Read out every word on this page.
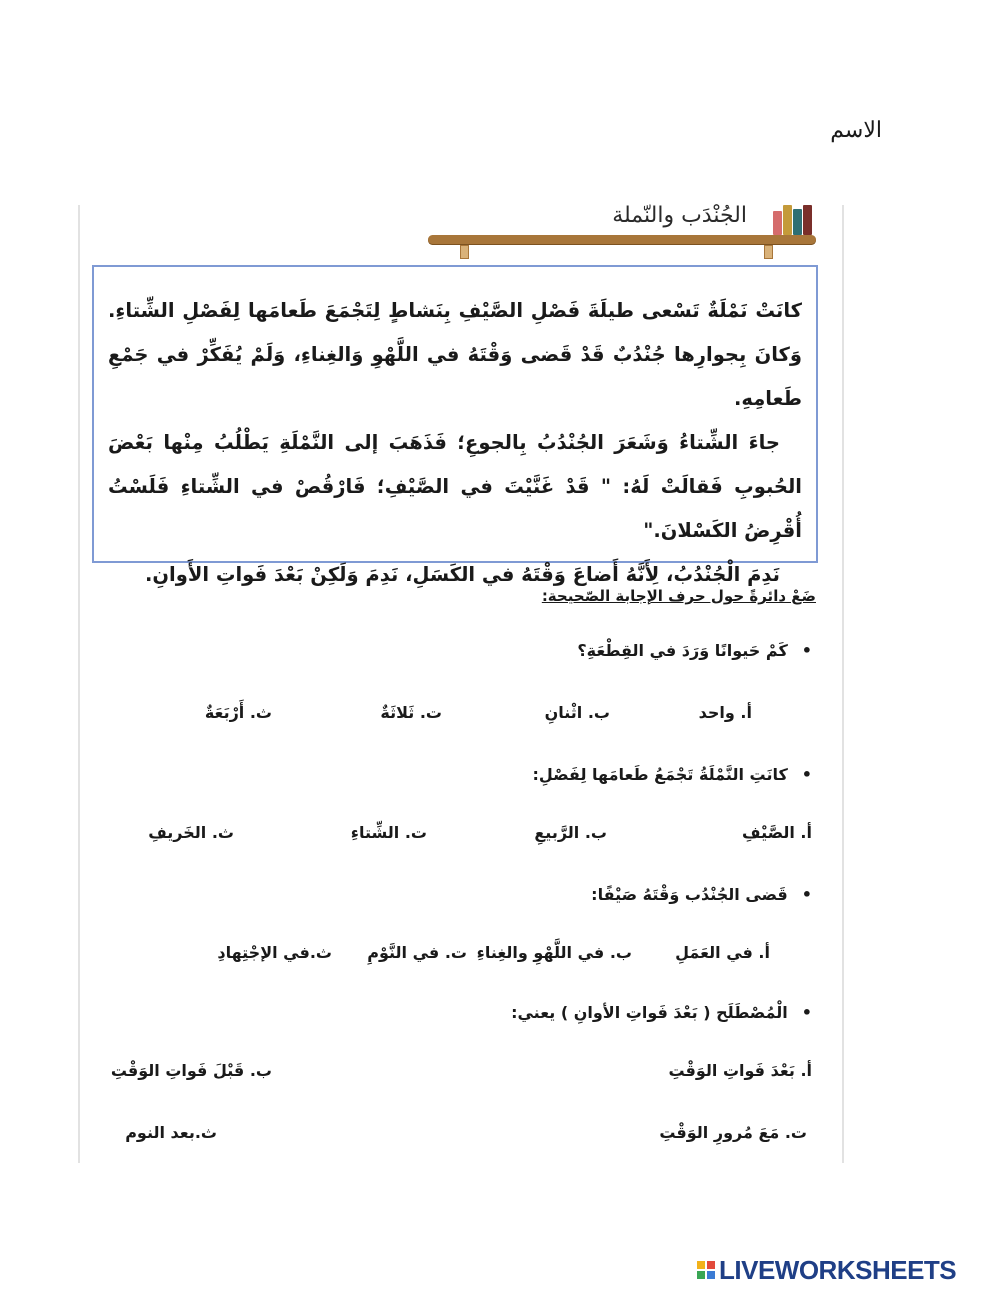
الاسم
الجُنْدَب والنّملة

كانَتْ نَمْلَةٌ تَسْعى طيلَةَ فَصْلِ الصَّيْفِ بِنَشاطٍ لِتَجْمَعَ طَعامَها لِفَصْلِ الشِّتاءِ. وَكانَ بِجوارِها جُنْدُبٌ قَدْ قَضى وَقْتَهُ في اللَّهْوِ وَالغِناءِ، وَلَمْ يُفَكِّرْ في جَمْعِ طَعامِهِ.

جاءَ الشِّتاءُ وَشَعَرَ الجُنْدُبُ بِالجوعِ؛ فَذَهَبَ إلى النَّمْلَةِ يَطْلُبُ مِنْها بَعْضَ الحُبوبِ فَقالَتْ لَهُ: " قَدْ غَنَّيْتَ في الصَّيْفِ؛ فَارْقُصْ في الشِّتاءِ فَلَسْتُ أُقْرِضُ الكَسْلانَ."

نَدِمَ الْجُنْدُبُ، لِأَنَّهُ أَضاعَ وَقْتَهُ في الكَسَلِ، نَدِمَ وَلَكِنْ بَعْدَ فَواتِ الأَوانِ.

ضَعْ دائرةً حول حرف الإجابة الصّحيحة:
•
كَمْ حَيوانًا وَرَدَ في القِطْعَةِ؟
أ. واحد
ب. اثْنانِ
ت. ثَلاثَةٌ
ث. أَرْبَعَةٌ
•
كانَتِ النَّمْلَةُ تَجْمَعُ طَعامَها لِفَصْلِ:
أ. الصَّيْفِ
ب. الرَّبيعِ
ت. الشِّتاءِ
ث. الخَريفِ
•
قَضى الجُنْدُب وَقْتَهُ صَيْفًا:
أ. في العَمَلِ
ب. في اللَّهْوِ والغِناءِ
ت. في النَّوْمِ
ث.في الإجْتِهادِ
•
الْمُصْطَلَح ( بَعْدَ فَواتِ الأوانِ ) يعني:
أ. بَعْدَ فَواتِ الوَقْتِ
ب. قَبْلَ فَواتِ الوَقْتِ
ت. مَعَ مُرورِ الوَقْتِ
ث.بعد النوم
LIVEWORKSHEETS
